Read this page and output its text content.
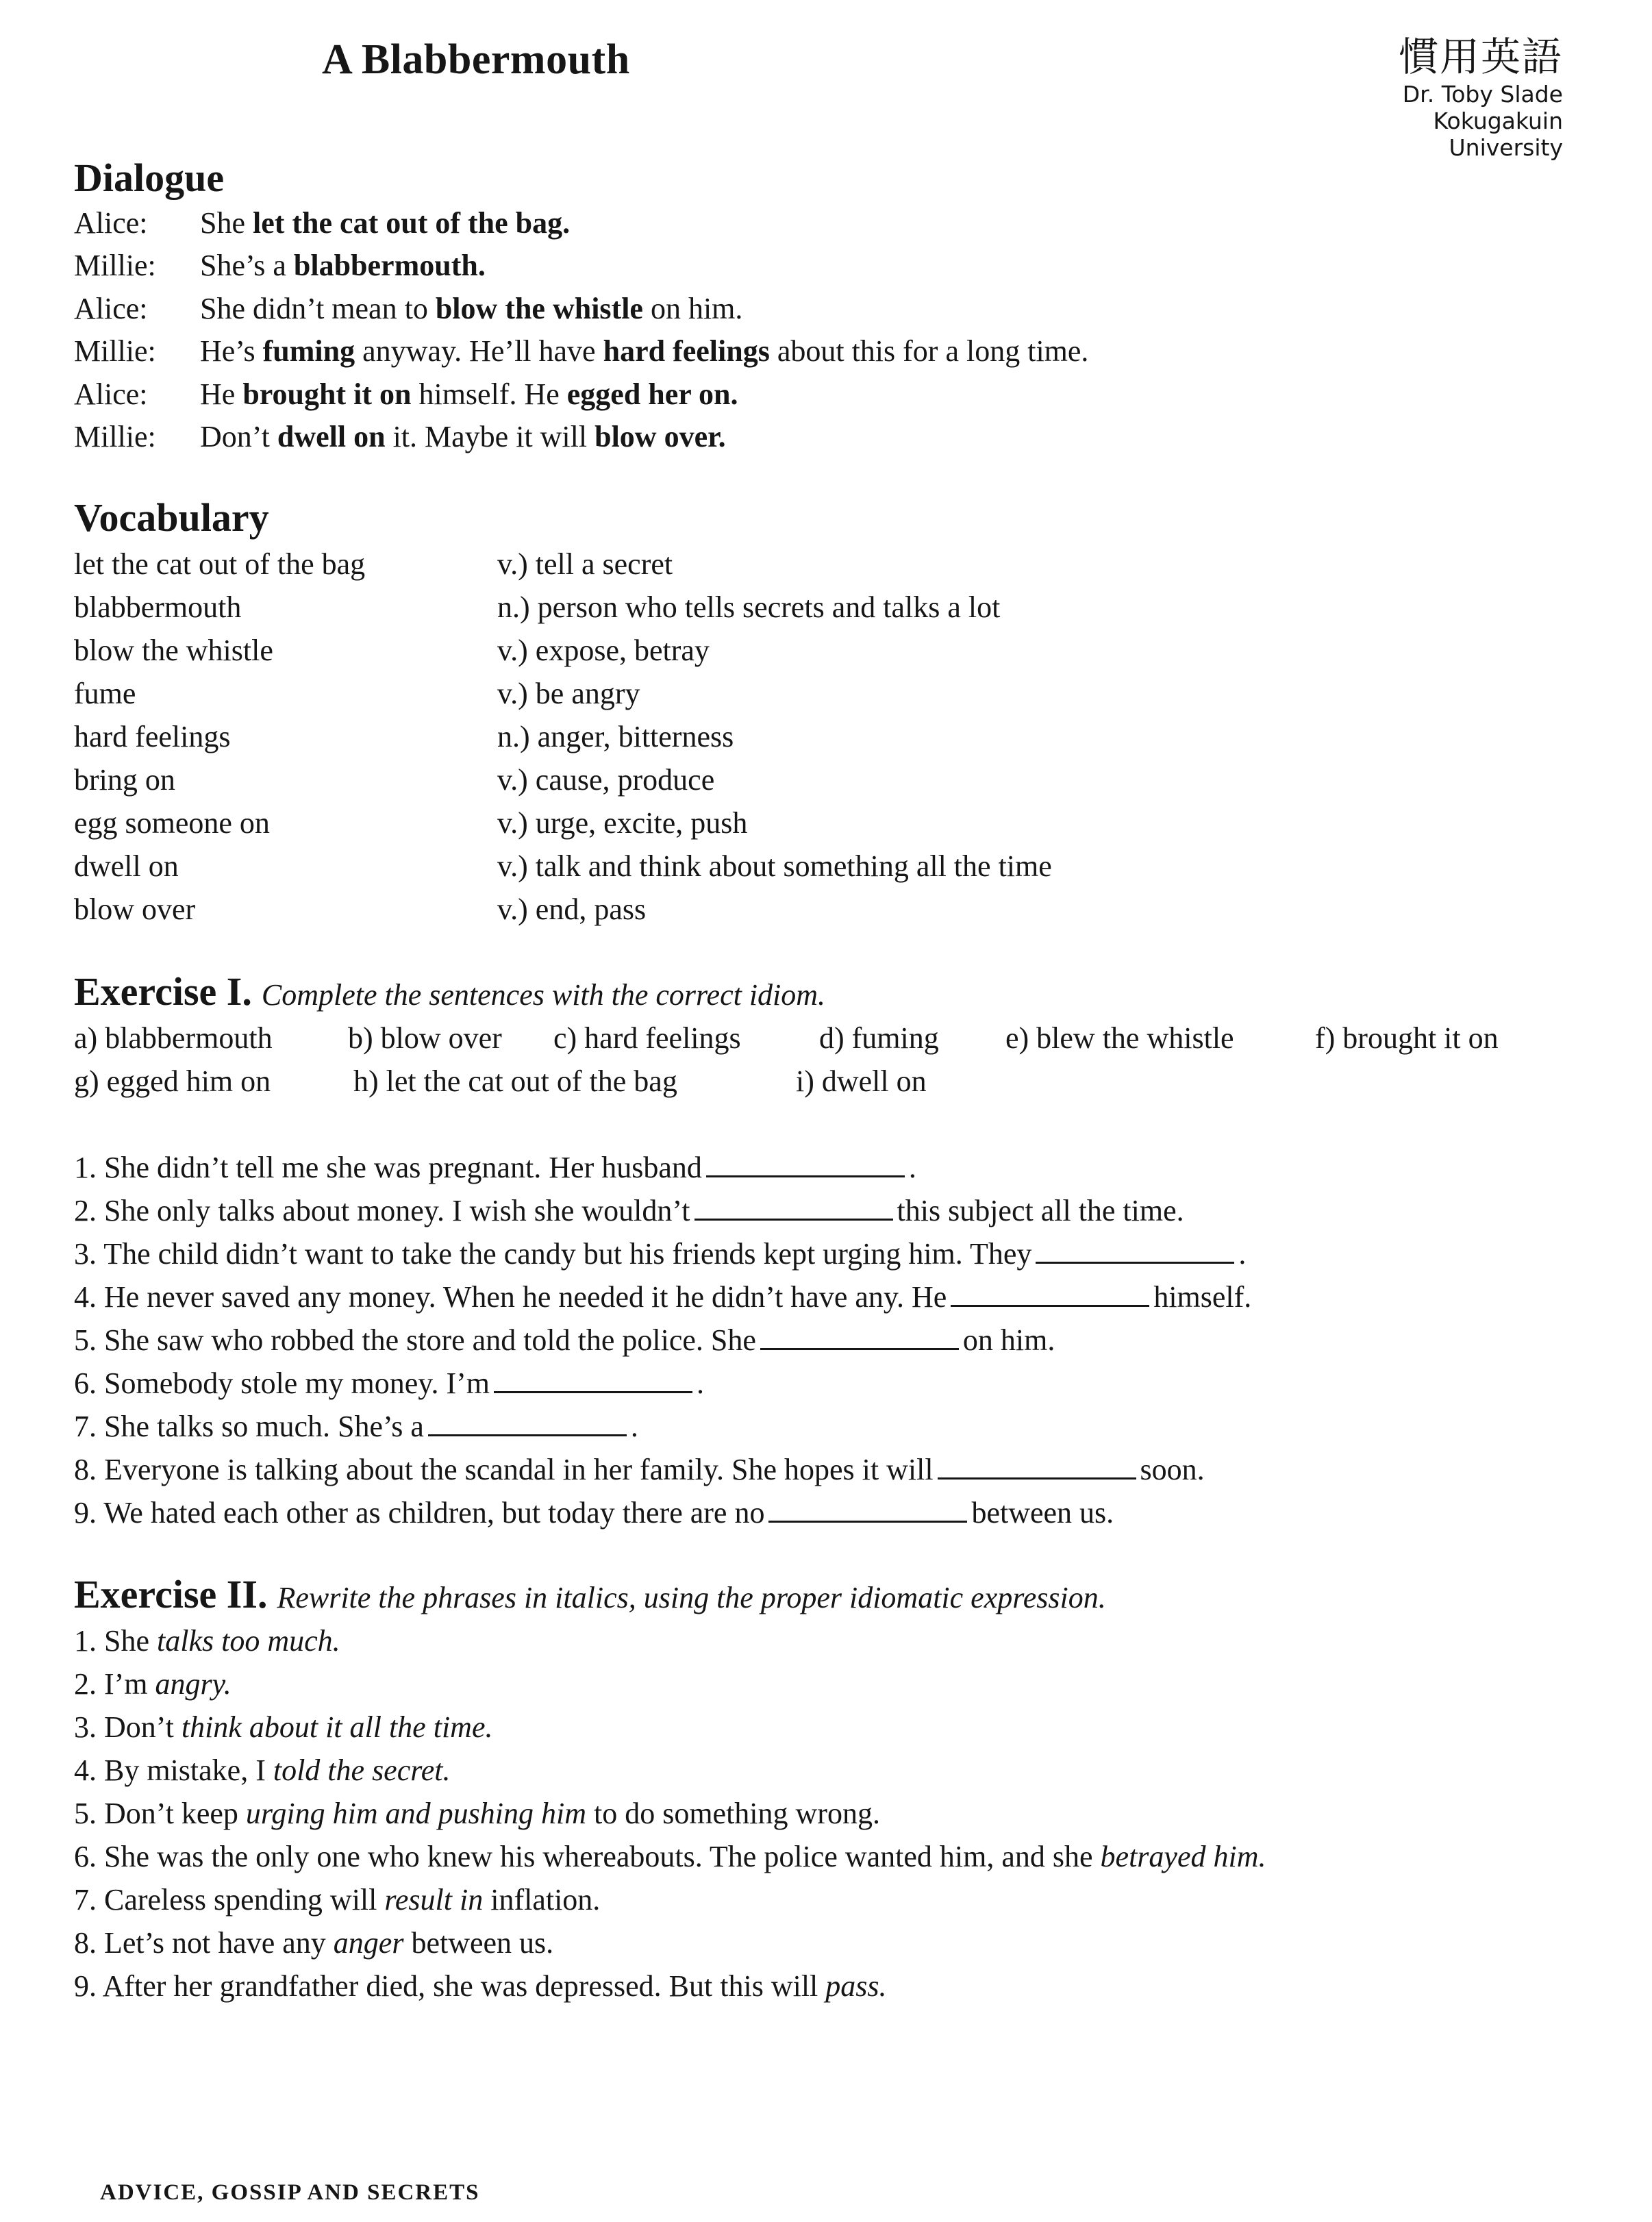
A Blabbermouth	慣用英語
Dr. Toby Slade
Kokugakuin
University
Dialogue
Alice: She let the cat out of the bag.
Millie: She’s a blabbermouth.
Alice: She didn’t mean to blow the whistle on him.
Millie: He’s fuming anyway. He’ll have hard feelings about this for a long time.
Alice: He brought it on himself. He egged her on.
Millie: Don’t dwell on it. Maybe it will blow over.
Vocabulary
let the cat out of the bag	v.) tell a secret
blabbermouth	n.) person who tells secrets and talks a lot
blow the whistle	v.) expose, betray
fume	v.) be angry
hard feelings	n.) anger, bitterness
bring on	v.) cause, produce
egg someone on	v.) urge, excite, push
dwell on	v.) talk and think about something all the time
blow over	v.) end, pass
Exercise I. Complete the sentences with the correct idiom.
a) blabbermouth	b) blow over c) hard feelings	d) fuming e) blew the whistle	f) brought it on
g) egged him on	h) let the cat out of the bag	i) dwell on
1. She didn’t tell me she was pregnant. Her husband	.
2. She only talks about money. I wish she wouldn’t	this subject all the time.
3. The child didn’t want to take the candy but his friends kept urging him. They	.
4. He never saved any money. When he needed it he didn’t have any. He	himself.
5. She saw who robbed the store and told the police. She	on him.
6. Somebody stole my money. I’m	.
7. She talks so much. She’s a	.
8. Everyone is talking about the scandal in her family. She hopes it will	soon.
9. We hated each other as children, but today there are no	between us.
Exercise II. Rewrite the phrases in italics, using the proper idiomatic expression.
1. She talks too much.
2. I’m angry.
3. Don’t think about it all the time.
4. By mistake, I told the secret.
5. Don’t keep urging him and pushing him to do something wrong.
6. She was the only one who knew his whereabouts. The police wanted him, and she betrayed him.
7. Careless spending will result in inflation.
8. Let’s not have any anger between us.
9. After her grandfather died, she was depressed. But this will pass.
ADVICE, GOSSIP AND SECRETS
